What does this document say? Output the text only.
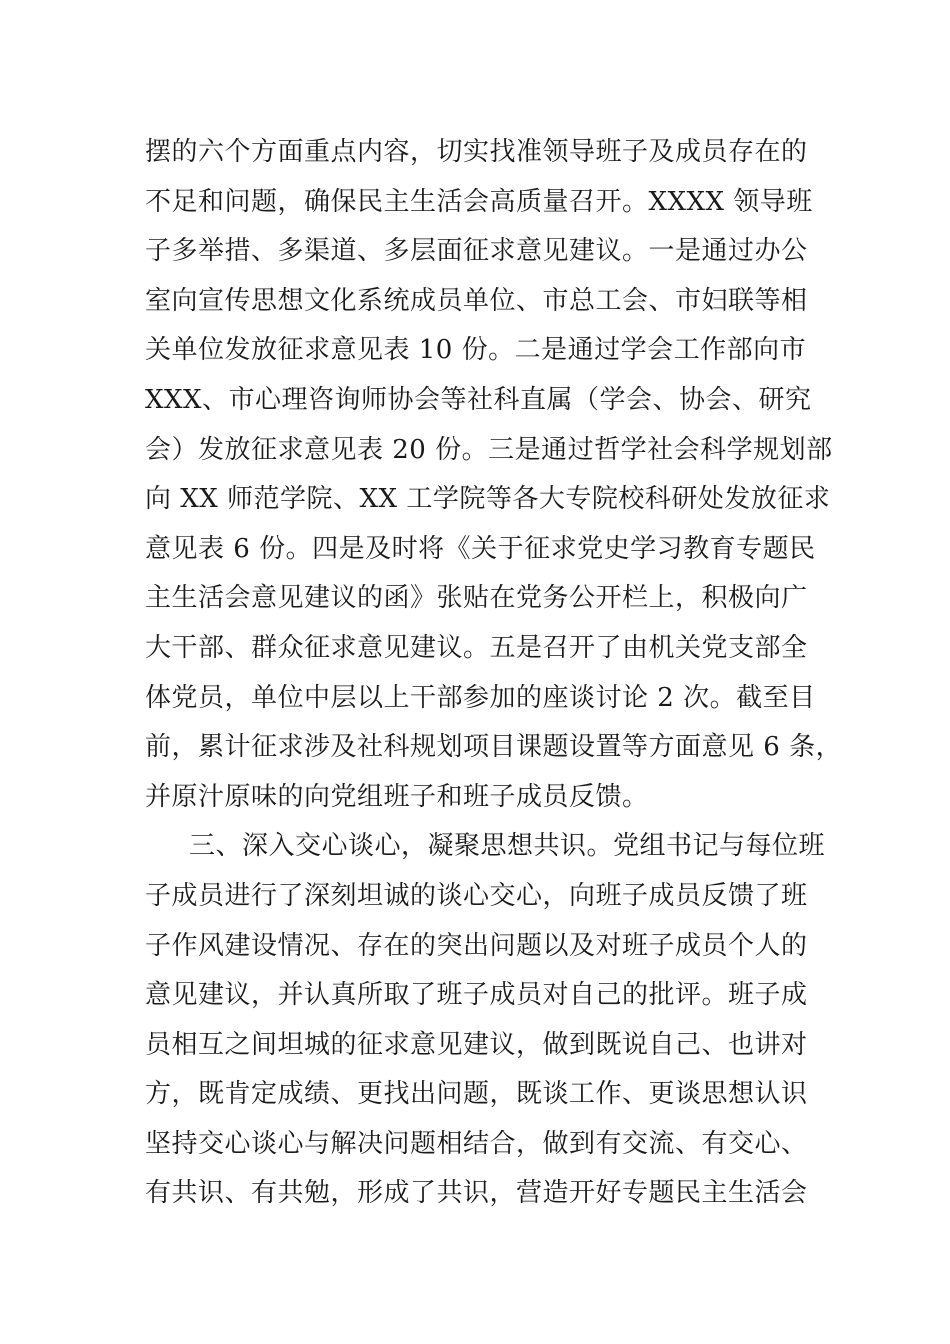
摆的六个方面重点内容，切实找准领导班子及成员存在的
不足和问题，确保民主生活会高质量召开。XXXX 领导班
子多举措、多渠道、多层面征求意见建议。一是通过办公
室向宣传思想文化系统成员单位、市总工会、市妇联等相
关单位发放征求意见表 10 份。二是通过学会工作部向市
XXX、市心理咨询师协会等社科直属（学会、协会、研究
会）发放征求意见表 20 份。三是通过哲学社会科学规划部
向 XX 师范学院、XX 工学院等各大专院校科研处发放征求
意见表 6 份。四是及时将《关于征求党史学习教育专题民
主生活会意见建议的函》张贴在党务公开栏上，积极向广
大干部、群众征求意见建议。五是召开了由机关党支部全
体党员，单位中层以上干部参加的座谈讨论 2 次。截至目
前，累计征求涉及社科规划项目课题设置等方面意见 6 条，
并原汁原味的向党组班子和班子成员反馈。
三、深入交心谈心，凝聚思想共识。党组书记与每位班
子成员进行了深刻坦诚的谈心交心，向班子成员反馈了班
子作风建设情况、存在的突出问题以及对班子成员个人的
意见建议，并认真所取了班子成员对自己的批评。班子成
员相互之间坦城的征求意见建议，做到既说自己、也讲对
方，既肯定成绩、更找出问题，既谈工作、更谈思想认识
坚持交心谈心与解决问题相结合，做到有交流、有交心、
有共识、有共勉，形成了共识，营造开好专题民主生活会
